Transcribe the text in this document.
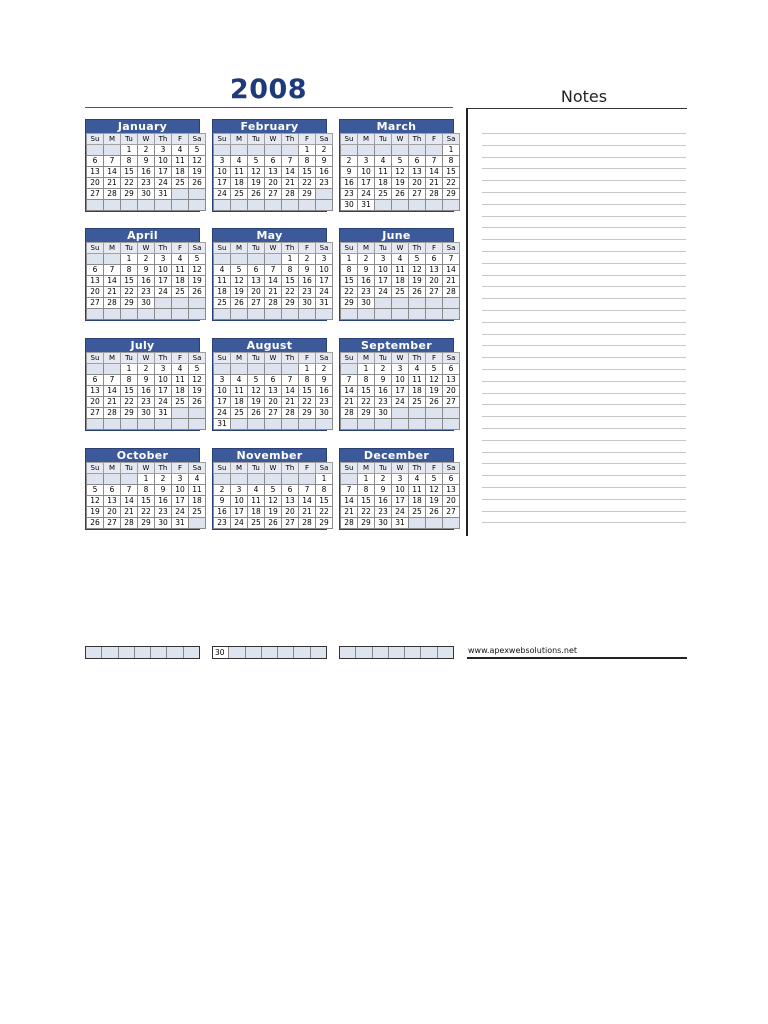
2008	Notes
January
Su	M	Tu	W	Th	F	Sa
		1	2	3	4	5
6	7	8	9	10	11	12
13	14	15	16	17	18	19
20	21	22	23	24	25	26
27	28	29	30	31		

February
Su	M	Tu	W	Th	F	Sa
					1	2
3	4	5	6	7	8	9
10	11	12	13	14	15	16
17	18	19	20	21	22	23
24	25	26	27	28	29	

March
Su	M	Tu	W	Th	F	Sa
						1
2	3	4	5	6	7	8
9	10	11	12	13	14	15
16	17	18	19	20	21	22
23	24	25	26	27	28	29
30	31					
April
Su	M	Tu	W	Th	F	Sa
		1	2	3	4	5
6	7	8	9	10	11	12
13	14	15	16	17	18	19
20	21	22	23	24	25	26
27	28	29	30			

May
Su	M	Tu	W	Th	F	Sa
				1	2	3
4	5	6	7	8	9	10
11	12	13	14	15	16	17
18	19	20	21	22	23	24
25	26	27	28	29	30	31

June
Su	M	Tu	W	Th	F	Sa
1	2	3	4	5	6	7
8	9	10	11	12	13	14
15	16	17	18	19	20	21
22	23	24	25	26	27	28
29	30					

July
Su	M	Tu	W	Th	F	Sa
		1	2	3	4	5
6	7	8	9	10	11	12
13	14	15	16	17	18	19
20	21	22	23	24	25	26
27	28	29	30	31		

August
Su	M	Tu	W	Th	F	Sa
					1	2
3	4	5	6	7	8	9
10	11	12	13	14	15	16
17	18	19	20	21	22	23
24	25	26	27	28	29	30
31						
September
Su	M	Tu	W	Th	F	Sa
	1	2	3	4	5	6
7	8	9	10	11	12	13
14	15	16	17	18	19	20
21	22	23	24	25	26	27
28	29	30				

October
Su	M	Tu	W	Th	F	Sa
			1	2	3	4
5	6	7	8	9	10	11
12	13	14	15	16	17	18
19	20	21	22	23	24	25
26	27	28	29	30	31	
November
Su	M	Tu	W	Th	F	Sa
						1
2	3	4	5	6	7	8
9	10	11	12	13	14	15
16	17	18	19	20	21	22
23	24	25	26	27	28	29
December
Su	M	Tu	W	Th	F	Sa
	1	2	3	4	5	6
7	8	9	10	11	12	13
14	15	16	17	18	19	20
21	22	23	24	25	26	27
28	29	30	31			
30	www.apexwebsolutions.net
